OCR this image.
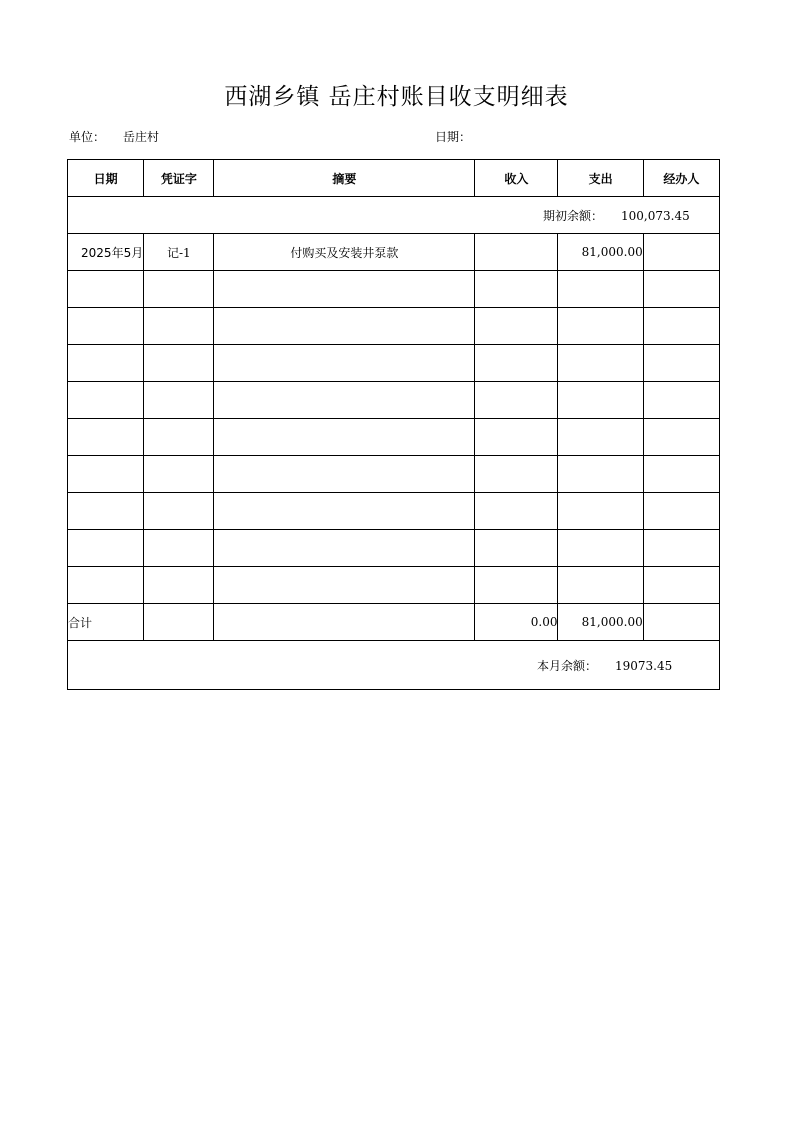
西湖乡镇 岳庄村账目收支明细表
单位： 岳庄村	日期：
日期	凭证字	摘要	收入	支出	经办人
期初余额： 100,073.45					
2025年5月	记-1	付购买及安装井泵款		81,000.00	

合计			0.00	81,000.00	
本月余额： 19073.45					
